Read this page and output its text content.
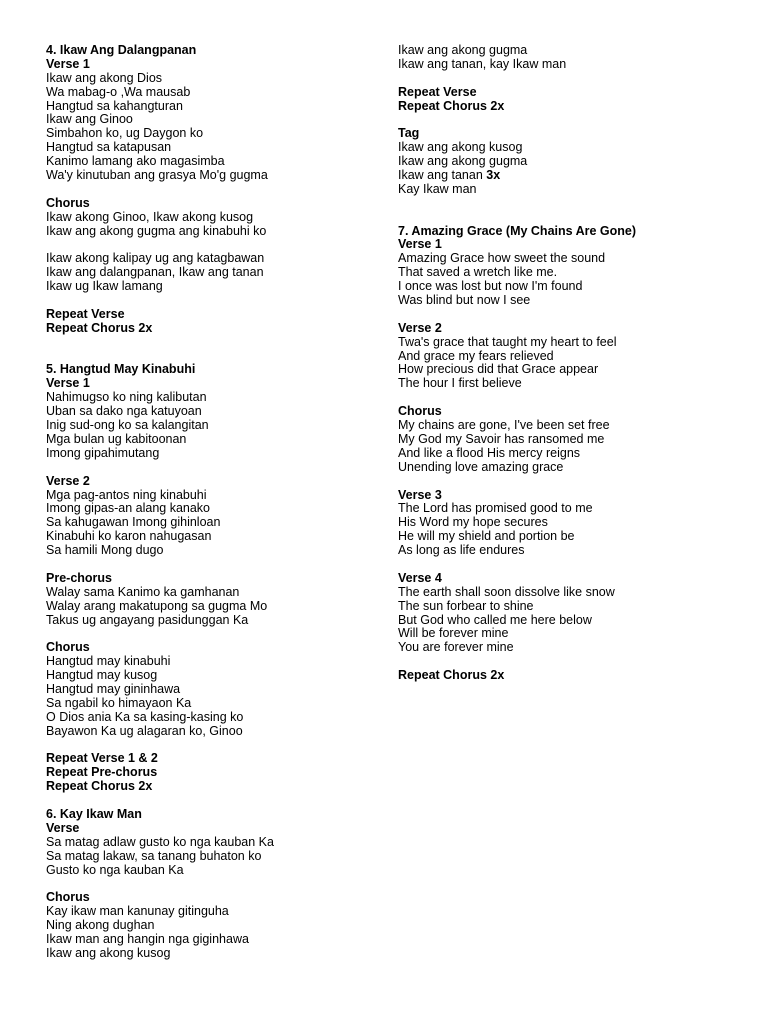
4. Ikaw Ang Dalangpanan
Verse 1
Ikaw ang akong Dios
Wa mabag-o ,Wa mausab
Hangtud sa kahangturan
Ikaw ang Ginoo
Simbahon ko, ug Daygon ko
Hangtud sa katapusan
Kanimo lamang ako magasimba
Wa'y kinutuban ang grasya Mo'g gugma
Chorus
Ikaw akong Ginoo, Ikaw akong kusog
Ikaw ang akong gugma ang kinabuhi ko
Ikaw akong kalipay ug ang katagbawan
Ikaw ang dalangpanan, Ikaw ang tanan
Ikaw ug Ikaw lamang
Repeat Verse
Repeat Chorus 2x
5. Hangtud May Kinabuhi
Verse 1
Nahimugso ko ning kalibutan
Uban sa dako nga katuyoan
Inig sud-ong ko sa kalangitan
Mga bulan ug kabitoonan
Imong gipahimutang
Verse 2
Mga pag-antos ning kinabuhi
Imong gipas-an alang kanako
Sa kahugawan Imong gihinloan
Kinabuhi ko karon nahugasan
Sa hamili Mong dugo
Pre-chorus
Walay sama Kanimo ka gamhanan
Walay arang makatupong sa gugma Mo
Takus ug angayang pasidunggan Ka
Chorus
Hangtud may kinabuhi
Hangtud may kusog
Hangtud may gininhawa
Sa ngabil ko himayaon Ka
O Dios ania Ka sa kasing-kasing ko
Bayawon Ka ug alagaran ko, Ginoo
Repeat Verse 1 & 2
Repeat Pre-chorus
Repeat Chorus 2x
6. Kay Ikaw Man
Verse
Sa matag adlaw gusto ko nga kauban Ka
Sa matag lakaw, sa tanang buhaton ko
Gusto ko nga kauban Ka
Chorus
Kay ikaw man kanunay gitinguha
Ning akong dughan
Ikaw man ang hangin nga giginhawa
Ikaw ang akong kusog
Ikaw ang akong gugma
Ikaw ang tanan, kay Ikaw man
Repeat Verse
Repeat Chorus 2x
Tag
Ikaw ang akong kusog
Ikaw ang akong gugma
Ikaw ang tanan 3x
Kay Ikaw man
7. Amazing Grace (My Chains Are Gone)
Verse 1
Amazing Grace how sweet the sound
That saved a wretch like me.
I once was lost but now I'm found
Was blind but now I see
Verse 2
Twa's grace that taught my heart to feel
And grace my fears relieved
How precious did that Grace appear
The hour I first believe
Chorus
My chains are gone, I've been set free
My God my Savoir has ransomed me
And like a flood His mercy reigns
Unending love amazing grace
Verse 3
The Lord has promised good to me
His Word my hope secures
He will my shield and portion be
As long as life endures
Verse 4
The earth shall soon dissolve like snow
The sun forbear to shine
But God who called me here below
Will be forever mine
You are forever mine
Repeat Chorus 2x
